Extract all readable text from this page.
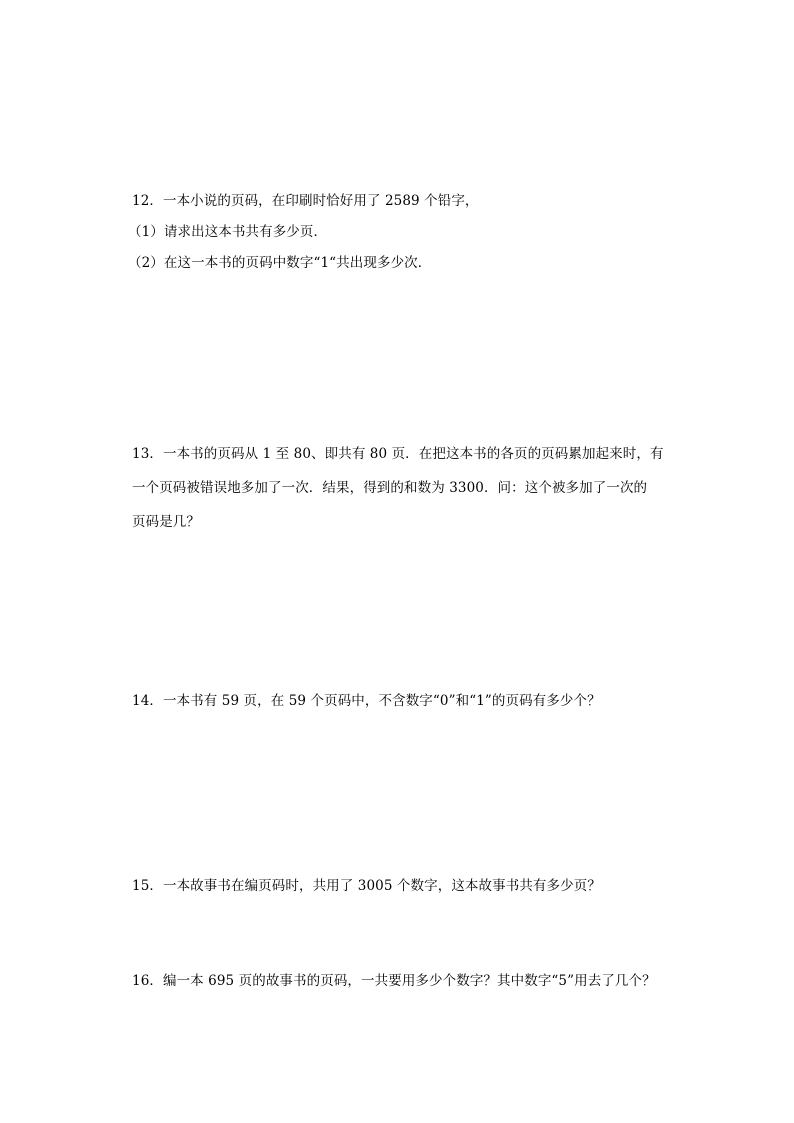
12．一本小说的页码，在印刷时恰好用了 2589 个铅字，
（1）请求出这本书共有多少页．
（2）在这一本书的页码中数字“1“共出现多少次．
13．一本书的页码从 1 至 80、即共有 80 页．在把这本书的各页的页码累加起来时，有
一个页码被错误地多加了一次．结果，得到的和数为 3300．问：这个被多加了一次的
页码是几？
14．一本书有 59 页，在 59 个页码中，不含数字“0”和“1”的页码有多少个？
15．一本故事书在编页码时，共用了 3005 个数字，这本故事书共有多少页？
16．编一本 695 页的故事书的页码，一共要用多少个数字？其中数字“5”用去了几个？
